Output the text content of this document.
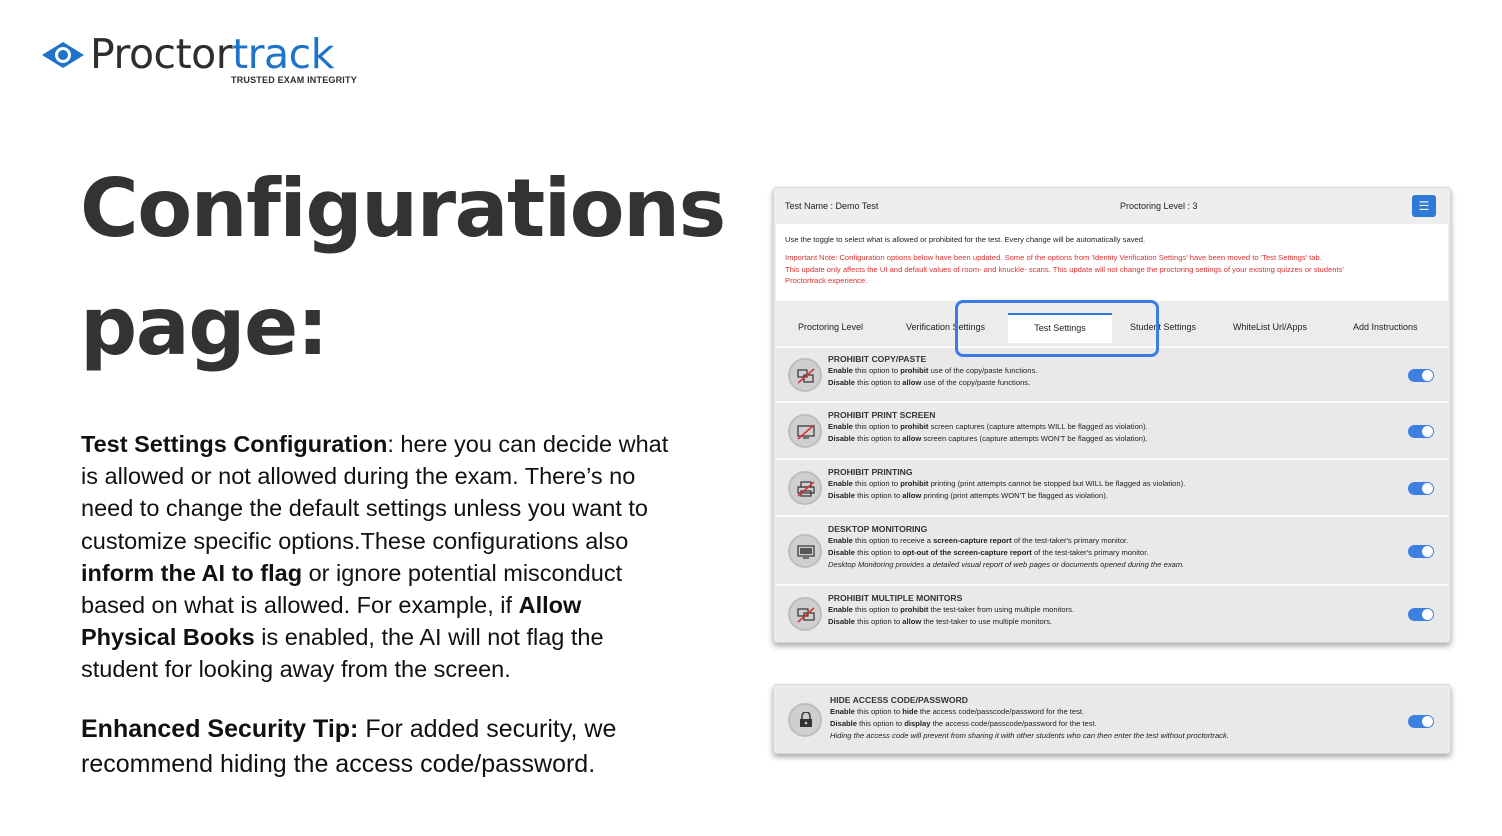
Proctortrack
TRUSTED EXAM INTEGRITY
Configurations
page:
Test Settings Configuration: here you can decide what is allowed or not allowed during the exam. There’s no need to change the default settings unless you want to customize specific options.These configurations also inform the AI to flag or ignore potential misconduct based on what is allowed. For example, if Allow Physical Books is enabled, the AI will not flag the student for looking away from the screen.
Enhanced Security Tip: For added security, we recommend hiding the access code/password.
Test Name : Demo Test	Proctoring Level : 3	☰
Use the toggle to select what is allowed or prohibited for the test. Every change will be automatically saved.
Important Note: Configuration options below have been updated. Some of the options from 'Identity Verification Settings' have been moved to 'Test Settings' tab.
This update only affects the UI and default values of room- and knuckle- scans. This update will not change the proctoring settings of your existing quizzes or students'
Proctortrack experience.
Proctoring Level	Verification Settings	Test Settings	Student Settings	WhiteList Url/Apps	Add Instructions
PROHIBIT COPY/PASTE
Enable this option to prohibit use of the copy/paste functions.
Disable this option to allow use of the copy/paste functions.
PROHIBIT PRINT SCREEN
Enable this option to prohibit screen captures (capture attempts WILL be flagged as violation).
Disable this option to allow screen captures (capture attempts WON'T be flagged as violation).
PROHIBIT PRINTING
Enable this option to prohibit printing (print attempts cannot be stopped but WILL be flagged as violation).
Disable this option to allow printing (print attempts WON'T be flagged as violation).
DESKTOP MONITORING
Enable this option to receive a screen-capture report of the test-taker's primary monitor.
Disable this option to opt-out of the screen-capture report of the test-taker's primary monitor.
Desktop Monitoring provides a detailed visual report of web pages or documents opened during the exam.
PROHIBIT MULTIPLE MONITORS
Enable this option to prohibit the test-taker from using multiple monitors.
Disable this option to allow the test-taker to use multiple monitors.
HIDE ACCESS CODE/PASSWORD
Enable this option to hide the access code/passcode/password for the test.
Disable this option to display the access code/passcode/password for the test.
Hiding the access code will prevent from sharing it with other students who can then enter the test without proctortrack.
